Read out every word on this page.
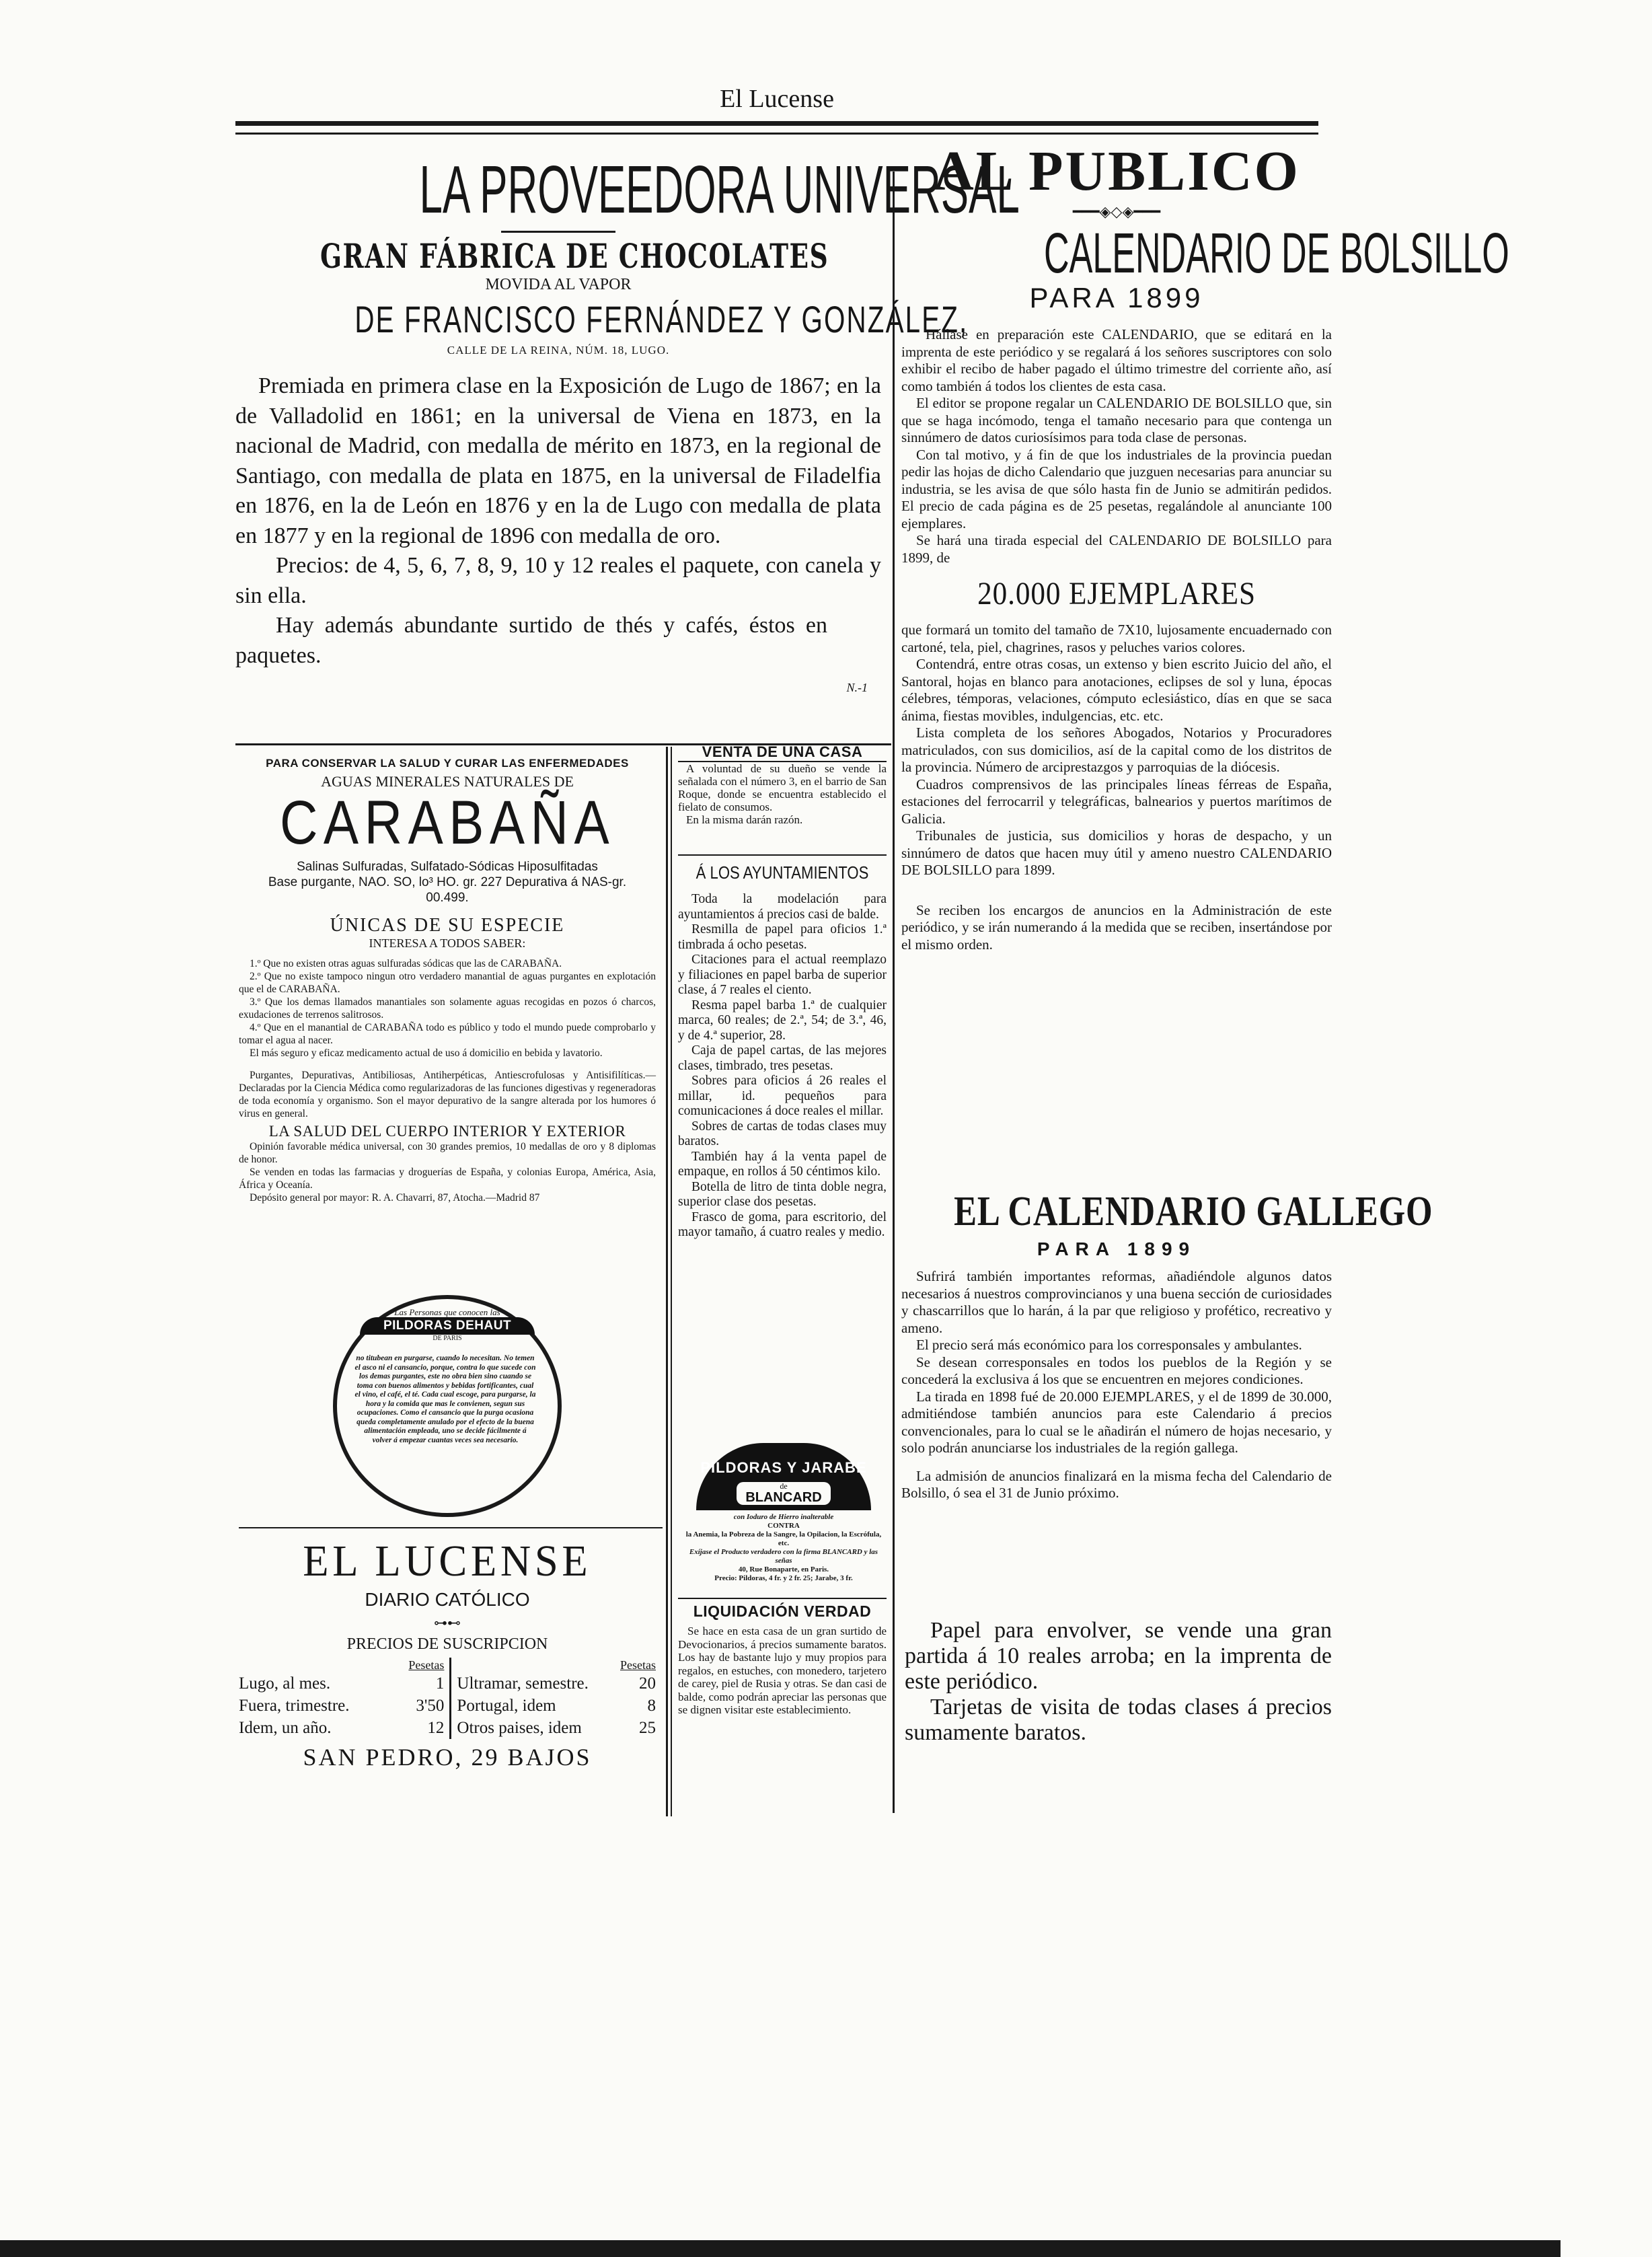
El Lucense
LA PROVEEDORA UNIVERSAL
GRAN FÁBRICA DE CHOCOLATES
MOVIDA AL VAPOR
DE FRANCISCO FERNÁNDEZ Y GONZÁLEZ,
CALLE DE LA REINA, NÚM. 18, LUGO.

Premiada en primera clase en la Exposición de Lugo de 1867; en la de Valladolid en 1861; en la universal de Viena en 1873, en la nacional de Madrid, con medalla de mérito en 1873, en la regional de Santiago, con medalla de plata en 1875, en la universal de Filadelfia en 1876, en la de León en 1876 y en la de Lugo con medalla de plata en 1877 y en la regional de 1896 con medalla de oro.

Precios: de 4, 5, 6, 7, 8, 9, 10 y 12 reales el paquete, con canela y sin ella.

Hay además abundante surtido de thés y cafés, éstos en paquetes.

N.-1
PARA CONSERVAR LA SALUD Y CURAR LAS ENFERMEDADES
AGUAS MINERALES NATURALES DE
CARABAÑA
Salinas Sulfuradas, Sulfatado-Sódicas Hiposulfitadas
Base purgante, NAO. SO, lo³ HO. gr. 227 Depurativa á NAS-gr. 00.499.
ÚNICAS DE SU ESPECIE
INTERESA A TODOS SABER:

1.º Que no existen otras aguas sulfuradas sódicas que las de CARABAÑA.

2.º Que no existe tampoco ningun otro verdadero manantial de aguas purgantes en explotación que el de CARABAÑA.

3.º Que los demas llamados manantiales son solamente aguas recogidas en pozos ó charcos, exudaciones de terrenos salitrosos.

4.º Que en el manantial de CARABAÑA todo es público y todo el mundo puede comprobarlo y tomar el agua al nacer.

El más seguro y eficaz medicamento actual de uso á domicilio en bebida y lavatorio.

Purgantes, Depurativas, Antibiliosas, Antiherpéticas, Antiescrofulosas y Antisifilíticas.—Declaradas por la Ciencia Médica como regularizadoras de las funciones digestivas y regeneradoras de toda economía y organismo. Son el mayor depurativo de la sangre alterada por los humores ó virus en general.

LA SALUD DEL CUERPO INTERIOR Y EXTERIOR

Opinión favorable médica universal, con 30 grandes premios, 10 medallas de oro y 8 diplomas de honor.

Se venden en todas las farmacias y droguerías de España, y colonias Europa, América, Asia, África y Oceanía.

Depósito general por mayor: R. A. Chavarri, 87, Atocha.—Madrid 87

Las Personas que conocen las
PILDORAS DEHAUT
DE PARIS

no titubean en purgarse, cuando lo necesitan. No temen el asco ni el cansancio, porque, contra lo que sucede con los demas purgantes, este no obra bien sino cuando se toma con buenos alimentos y bebidas fortificantes, cual el vino, el café, el té. Cada cual escoge, para purgarse, la hora y la comida que mas le convienen, segun sus ocupaciones. Como el cansancio que la purga ocasiona queda completamente anulado por el efecto de la buena alimentación empleada, uno se decide fácilmente á volver á empezar cuantas veces sea necesario.

EL LUCENSE
DIARIO CATÓLICO
⊶⊷
PRECIOS DE SUSCRIPCION
Pesetas
Lugo, al mes.	1
Fuera, trimestre.	3'50
Idem, un año.	12
Pesetas
Ultramar, semestre.	20
Portugal, idem	8
Otros paises, idem	25
SAN PEDRO, 29 BAJOS
VENTA DE UNA CASA

A voluntad de su dueño se vende la señalada con el número 3, en el barrio de San Roque, donde se encuentra establecido el fielato de consumos.

En la misma darán razón.

Á LOS AYUNTAMIENTOS

Toda la modelación para ayuntamientos á precios casi de balde.

Resmilla de papel para oficios 1.ª timbrada á ocho pesetas.

Citaciones para el actual reemplazo y filiaciones en papel barba de superior clase, á 7 reales el ciento.

Resma papel barba 1.ª de cualquier marca, 60 reales; de 2.ª, 54; de 3.ª, 46, y de 4.ª superior, 28.

Caja de papel cartas, de las mejores clases, timbrado, tres pesetas.

Sobres para oficios á 26 reales el millar, id. pequeños para comunicaciones á doce reales el millar.

Sobres de cartas de todas clases muy baratos.

También hay á la venta papel de empaque, en rollos á 50 céntimos kilo.

Botella de litro de tinta doble negra, superior clase dos pesetas.

Frasco de goma, para escritorio, del mayor tamaño, á cuatro reales y medio.

PILDORAS Y JARABE
de
BLANCARD
con Ioduro de Hierro inalterable
CONTRA
la Anemia, la Pobreza de la Sangre, la Opilacion, la Escrófula, etc.
Exíjase el Producto verdadero con la firma BLANCARD y las señas
40, Rue Bonaparte, en Paris.
Precio: Pildoras, 4 fr. y 2 fr. 25; Jarabe, 3 fr.
LIQUIDACIÓN VERDAD

Se hace en esta casa de un gran surtido de Devocionarios, á precios sumamente baratos. Los hay de bastante lujo y muy propios para regalos, en estuches, con monedero, tarjetero de carey, piel de Rusia y otras. Se dan casi de balde, como podrán apreciar las personas que se dignen visitar este establecimiento.

AL PUBLICO
━━━◈◇◈━━━
CALENDARIO DE BOLSILLO
PARA 1899

Hállase en preparación este CALENDARIO, que se editará en la imprenta de este periódico y se regalará á los señores suscriptores con solo exhibir el recibo de haber pagado el último trimestre del corriente año, así como también á todos los clientes de esta casa.

El editor se propone regalar un CALENDARIO DE BOLSILLO que, sin que se haga incómodo, tenga el tamaño necesario para que contenga un sinnúmero de datos curiosísimos para toda clase de personas.

Con tal motivo, y á fin de que los industriales de la provincia puedan pedir las hojas de dicho Calendario que juzguen necesarias para anunciar su industria, se les avisa de que sólo hasta fin de Junio se admitirán pedidos. El precio de cada página es de 25 pesetas, regalándole al anunciante 100 ejemplares.

Se hará una tirada especial del CALENDARIO DE BOLSILLO para 1899, de

20.000 EJEMPLARES

que formará un tomito del tamaño de 7X10, lujosamente encuadernado con cartoné, tela, piel, chagrines, rasos y peluches varios colores.

Contendrá, entre otras cosas, un extenso y bien escrito Juicio del año, el Santoral, hojas en blanco para anotaciones, eclipses de sol y luna, épocas célebres, témporas, velaciones, cómputo eclesiástico, días en que se saca ánima, fiestas movibles, indulgencias, etc. etc.

Lista completa de los señores Abogados, Notarios y Procuradores matriculados, con sus domicilios, así de la capital como de los distritos de la provincia. Número de arciprestazgos y parroquias de la diócesis.

Cuadros comprensivos de las principales líneas férreas de España, estaciones del ferrocarril y telegráficas, balnearios y puertos marítimos de Galicia.

Tribunales de justicia, sus domicilios y horas de despacho, y un sinnúmero de datos que hacen muy útil y ameno nuestro CALENDARIO DE BOLSILLO para 1899.

Se reciben los encargos de anuncios en la Administración de este periódico, y se irán numerando á la medida que se reciben, insertándose por el mismo orden.

EL CALENDARIO GALLEGO
PARA 1899

Sufrirá también importantes reformas, añadiéndole algunos datos necesarios á nuestros comprovincianos y una buena sección de curiosidades y chascarrillos que lo harán, á la par que religioso y profético, recreativo y ameno.

El precio será más económico para los corresponsales y ambulantes.

Se desean corresponsales en todos los pueblos de la Región y se concederá la exclusiva á los que se encuentren en mejores condiciones.

La tirada en 1898 fué de 20.000 EJEMPLARES, y el de 1899 de 30.000, admitiéndose también anuncios para este Calendario á precios convencionales, para lo cual se le añadirán el número de hojas necesario, y solo podrán anunciarse los industriales de la región gallega.

La admisión de anuncios finalizará en la misma fecha del Calendario de Bolsillo, ó sea el 31 de Junio próximo.

Papel para envolver, se vende una gran partida á 10 reales arroba; en la imprenta de este periódico.

Tarjetas de visita de todas clases á precios sumamente baratos.
